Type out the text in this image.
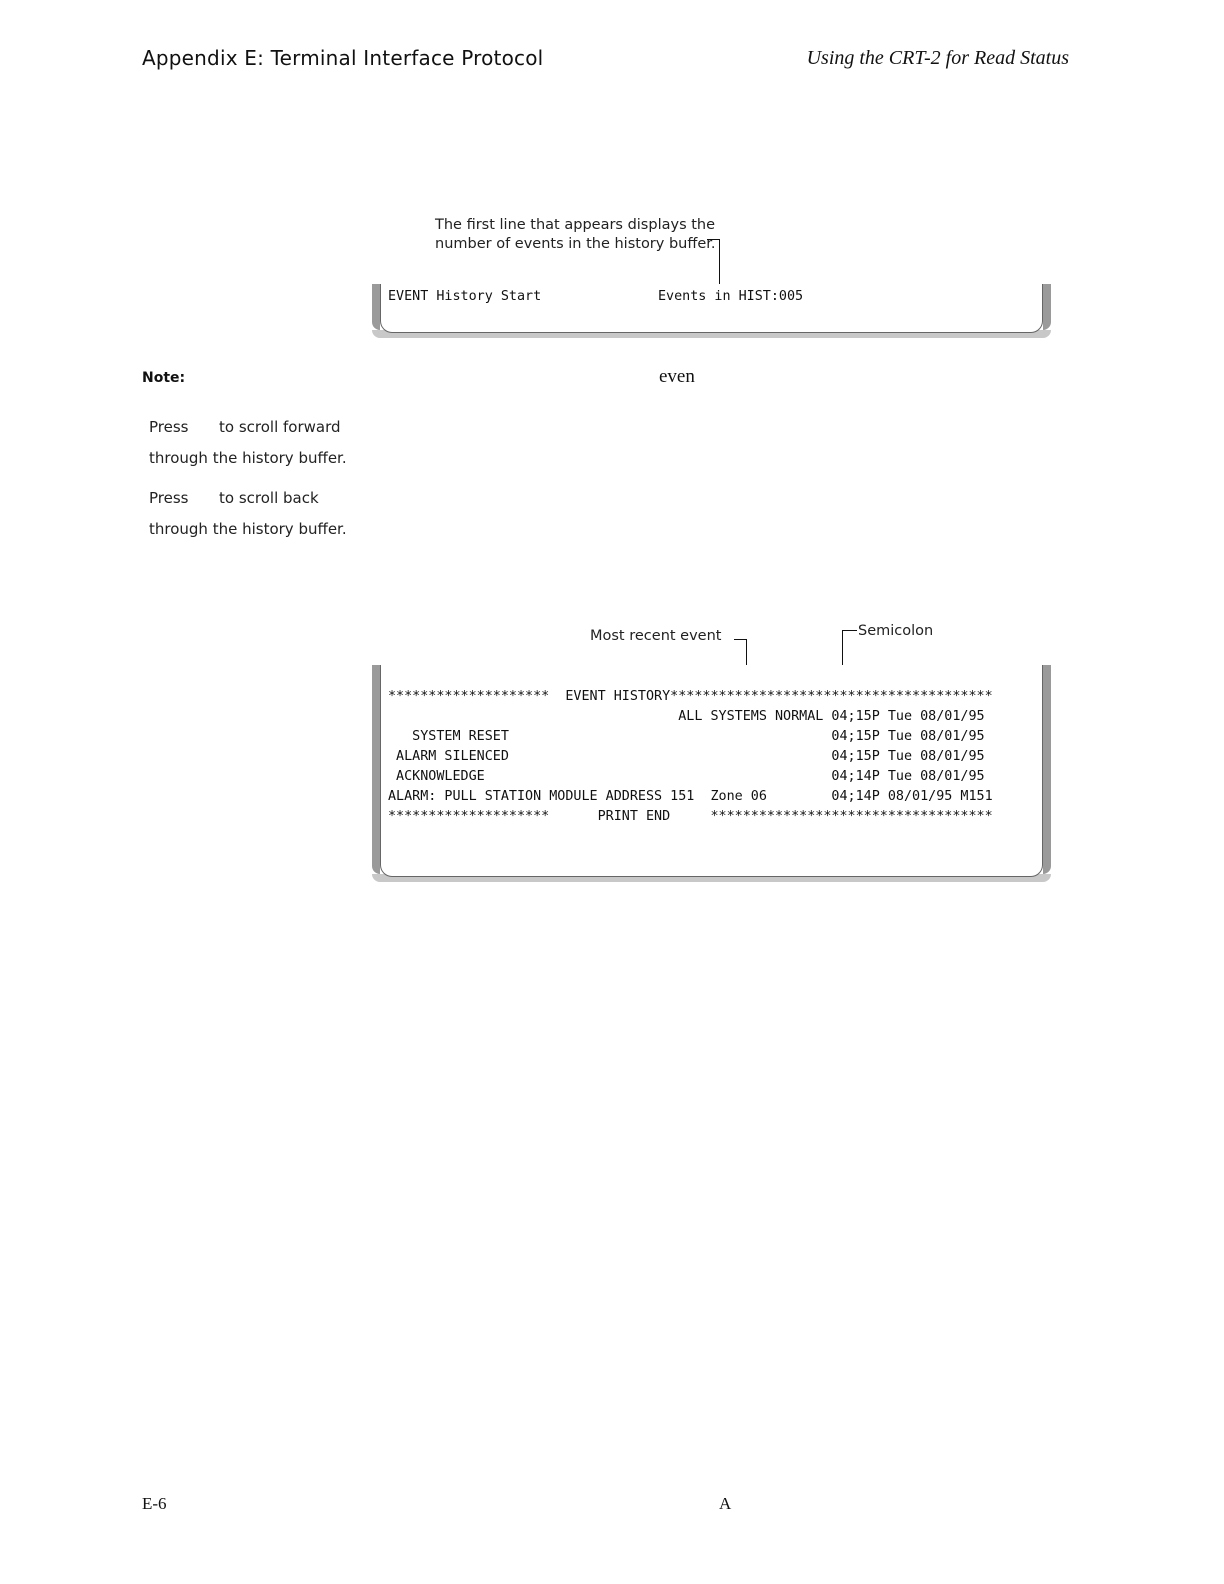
Appendix E: Terminal Interface Protocol	Using the CRT-2 for Read Status
The first line that appears displays the
number of events in the history buffer.
EVENT History Start	Events in HIST:005
Note:	even
Press to scroll forward
through the history buffer.
Press to scroll back
through the history buffer.
Most recent event	Semicolon
********************  EVENT HISTORY****************************************
ALL SYSTEMS NORMAL 04;15P Tue 08/01/95
SYSTEM RESET                                        04;15P Tue 08/01/95
ALARM SILENCED                                        04;15P Tue 08/01/95
ACKNOWLEDGE                                           04;14P Tue 08/01/95
ALARM: PULL STATION MODULE ADDRESS 151  Zone 06        04;14P 08/01/95 M151
********************      PRINT END     ***********************************
E-6	A
